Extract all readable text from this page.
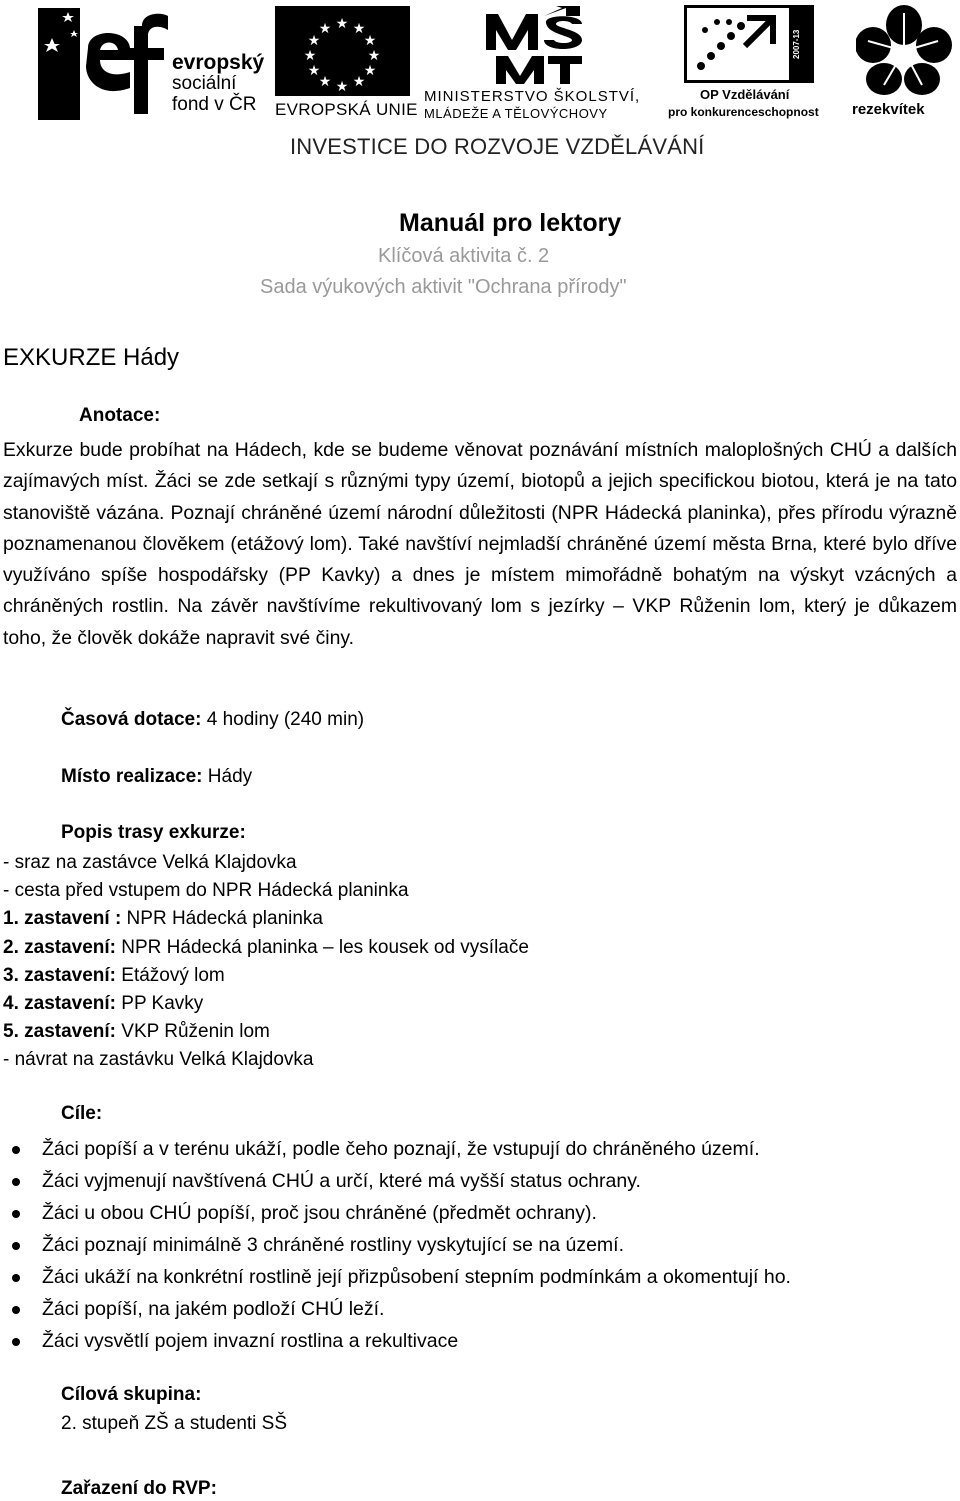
evropský
sociální
fond v ČR
★ ★
★
★
★
★
★
★
★
★
★
★
EVROPSKÁ UNIE
MINISTERSTVO ŠKOLSTVÍ,
MLÁDEŽE A TĚLOVÝCHOVY
2007-13
OP Vzdělávání
pro konkurenceschopnost rezekvítek
INVESTICE DO ROZVOJE VZDĚLÁVÁNÍ
Manuál pro lektory
Klíčová aktivita č. 2
Sada výukových aktivit "Ochrana přírody"
EXKURZE Hády
Anotace:
Exkurze bude probíhat na Hádech, kde se budeme věnovat poznávání místních maloplošných CHÚ a dalších zajímavých míst. Žáci se zde setkají s různými typy území, biotopů a jejich specifickou biotou, která je na tato stanoviště vázána. Poznají chráněné území národní důležitosti (NPR Hádecká planinka), přes přírodu výrazně poznamenanou člověkem (etážový lom). Také navštíví nejmladší chráněné území města Brna, které bylo dříve využíváno spíše hospodářsky (PP Kavky) a dnes je místem mimořádně bohatým na výskyt vzácných a chráněných rostlin. Na závěr navštívíme rekultivovaný lom s jezírky – VKP Růženin lom, který je důkazem toho, že člověk dokáže napravit své činy.
Časová dotace: 4 hodiny (240 min)
Místo realizace: Hády
Popis trasy exkurze:
- sraz na zastávce Velká Klajdovka
- cesta před vstupem do NPR Hádecká planinka
1. zastavení : NPR Hádecká planinka
2. zastavení: NPR Hádecká planinka – les kousek od vysílače
3. zastavení: Etážový lom
4. zastavení: PP Kavky
5. zastavení: VKP Růženin lom
- návrat na zastávku Velká Klajdovka
Cíle:
Žáci popíší a v terénu ukáží, podle čeho poznají, že vstupují do chráněného území.
Žáci vyjmenují navštívená CHÚ a určí, které má vyšší status ochrany.
Žáci u obou CHÚ popíší, proč jsou chráněné (předmět ochrany).
Žáci poznají minimálně 3 chráněné rostliny vyskytující se na území.
Žáci ukáží na konkrétní rostlině její přizpůsobení stepním podmínkám a okomentují ho.
Žáci popíší, na jakém podloží CHÚ leží.
Žáci vysvětlí pojem invazní rostlina a rekultivace
Cílová skupina:
2. stupeň ZŠ a studenti SŠ
Zařazení do RVP:
